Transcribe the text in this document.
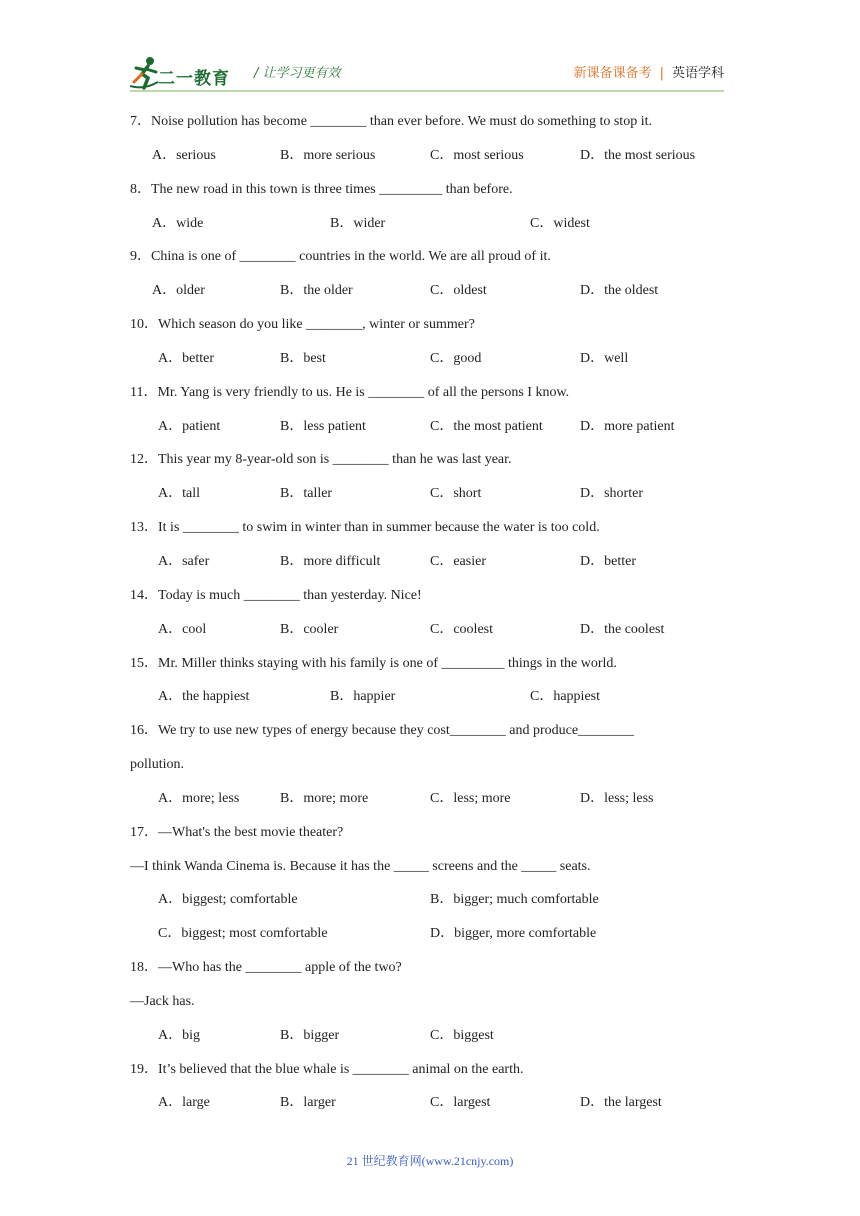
二一教育 / 让学习更有效	新课备课备考 | 英语学科
7．Noise pollution has become ________ than ever before. We must do something to stop it.
A．serious	B．more serious	C．most serious	D．the most serious
8．The new road in this town is three times _________ than before.
A．wide	B．wider	C．widest
9．China is one of ________ countries in the world. We are all proud of it.
A．older	B．the older	C．oldest	D．the oldest
10．Which season do you like ________, winter or summer?
A．better	B．best	C．good	D．well
11．Mr. Yang is very friendly to us. He is ________ of all the persons I know.
A．patient	B．less patient	C．the most patient	D．more patient
12．This year my 8-year-old son is ________ than he was last year.
A．tall	B．taller	C．short	D．shorter
13．It is ________ to swim in winter than in summer because the water is too cold.
A．safer	B．more difficult	C．easier	D．better
14．Today is much ________ than yesterday. Nice!
A．cool	B．cooler	C．coolest	D．the coolest
15．Mr. Miller thinks staying with his family is one of _________ things in the world.
A．the happiest	B．happier	C．happiest
16．We try to use new types of energy because they cost________ and produce________
pollution.
A．more; less	B．more; more	C．less; more	D．less; less
17．—What's the best movie theater?
—I think Wanda Cinema is. Because it has the _____ screens and the _____ seats.
A．biggest; comfortable	B．bigger; much comfortable
C．biggest; most comfortable	D．bigger, more comfortable
18．—Who has the ________ apple of the two?
—Jack has.
A．big	B．bigger	C．biggest
19．It’s believed that the blue whale is ________ animal on the earth.
A．large	B．larger	C．largest	D．the largest
21 世纪教育网(www.21cnjy.com)
